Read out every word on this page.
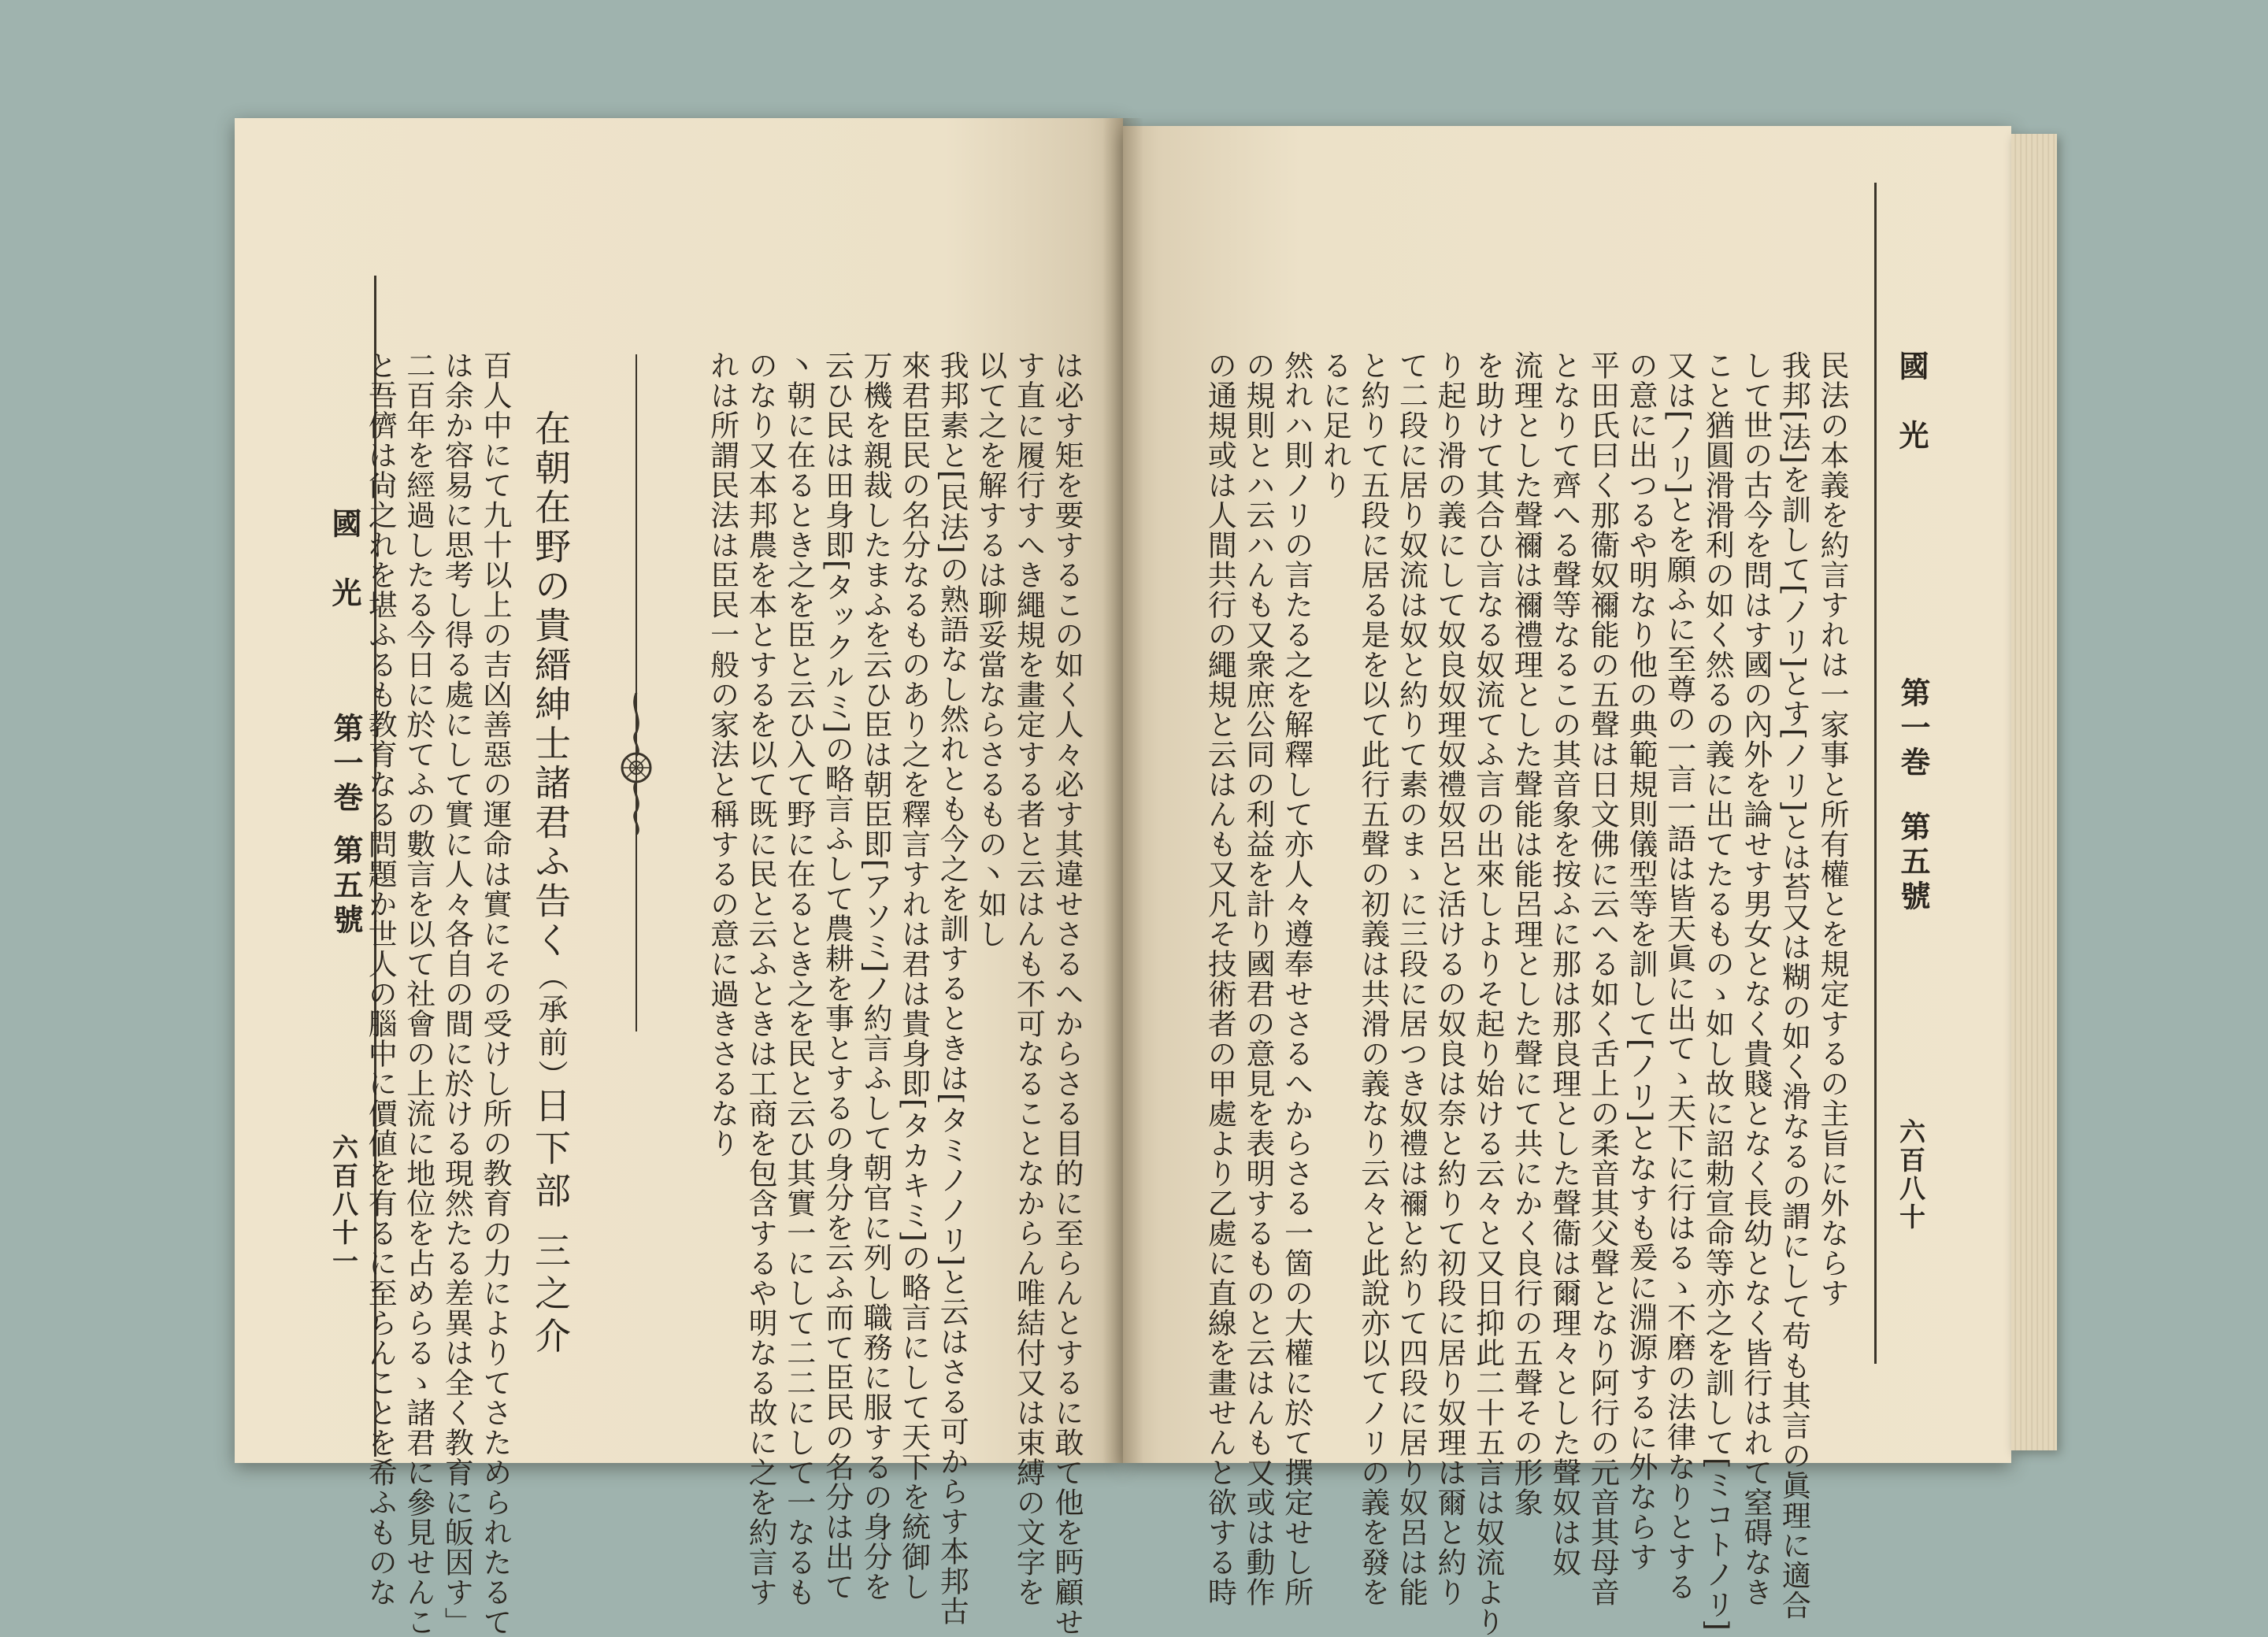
國光
第一巻
第五號
六百八十
民法の本義を約言すれは一家事と所有權とを規定するの主旨に外ならす
我邦[法]を訓して[ノリ]とす[ノリ]とは苔又は糊の如く滑なるの謂にして苟も其言の眞理に適合
して世の古今を問はす國の內外を論せす男女となく貴賤となく長幼となく皆行はれて窒碍なき
こと猶圓滑滑利の如く然るの義に出てたるものゝ如し故に詔勅宣命等亦之を訓して[ミコトノリ]
又は[ノリ]とを願ふに至尊の一言一語は皆天眞に出てゝ天下に行はるゝ不磨の法律なりとする
の意に出つるや明なり他の典範規則儀型等を訓して[ノリ]となすも爰に淵源するに外ならす
平田氏曰く那衞奴禰能の五聲は日文佛に云へる如く舌上の柔音其父聲となり阿行の元音其母音
となりて齊へる聲等なるこの其音象を按ふに那は那良理とした聲衞は爾理々とした聲奴は奴
流理とした聲禰は禰禮理とした聲能は能呂理とした聲にて共にかく良行の五聲その形象
を助けて其合ひ言なる奴流てふ言の出來しよりそ起り始ける云々と又日抑此二十五言は奴流より
り起り滑の義にして奴良奴理奴禮奴呂と活けるの奴良は奈と約りて初段に居り奴理は爾と約り
て二段に居り奴流は奴と約りて素のまゝに三段に居つき奴禮は禰と約りて四段に居り奴呂は能
と約りて五段に居る是を以て此行五聲の初義は共滑の義なり云々と此說亦以てノリの義を發を
るに足れり
然れハ則ノリの言たる之を解釋して亦人々遵奉せさるへからさる一箇の大權に於て撰定せし所
の規則とハ云ハんも又衆庶公同の利益を計り國君の意見を表明するものと云はんも又或は動作
の通規或は人間共行の繩規と云はんも又凡そ技術者の甲處より乙處に直線を畫せんと欲する時
國光
第一巻
第五號
六百八十一	は必す矩を要するこの如く人々必す其違せさるへからさる目的に至らんとするに敢て他を眄顧せ
す直に履行すへき繩規を畫定する者と云はんも不可なることなからん唯結付又は束縛の文字を
以て之を解するは聊妥當ならさるもの丶如し
我邦素と[民法]の熟語なし然れとも今之を訓するときは[タミノノリ]と云はさる可からす本邦古
來君臣民の名分なるものあり之を釋言すれは君は貴身即[タカキミ]の略言にして天下を統御し
万機を親裁したまふを云ひ臣は朝臣即[アソミ]ノ約言ふして朝官に列し職務に服するの身分を
云ひ民は田身即[タックルミ]の略言ふして農耕を事とするの身分を云ふ而て臣民の名分は出て
丶朝に在るとき之を臣と云ひ入て野に在るとき之を民と云ひ其實一にして二二にして一なるも
のなり又本邦農を本とするを以て既に民と云ふときは工商を包含するや明なる故に之を約言す
れは所謂民法は臣民一般の家法と稱するの意に過きさるなり
在朝在野の貴縉紳士諸君ふ告く（承前）
日下部 三之介
百人中にて九十以上の吉凶善惡の運命は實にその受けし所の教育の力によりてさためられたるて
は余か容易に思考し得る處にして實に人々各自の間に於ける現然たる差異は全く教育に皈因す」
二百年を經過したる今日に於てふの數言を以て社會の上流に地位を占めらるゝ諸君に參見せんこ
と吾儕は尙之れを堪ふるも教育なる問題か世人の腦中に價値を有るに至らんことを希ふものな
